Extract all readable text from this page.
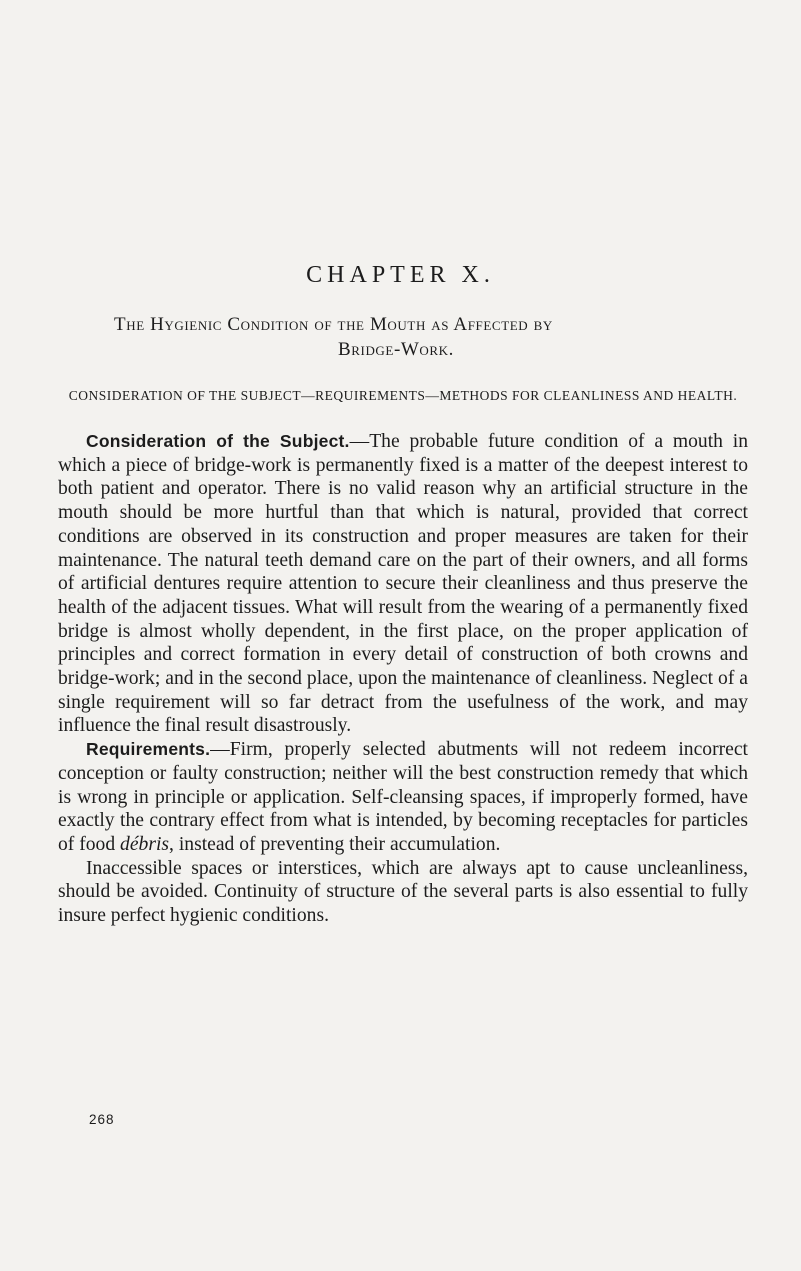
CHAPTER X.
The Hygienic Condition of the Mouth as Affected by
Bridge-Work.
CONSIDERATION OF THE SUBJECT—REQUIREMENTS—METHODS FOR CLEANLINESS AND HEALTH.

Consideration of the Subject.—The probable future condition of a mouth in which a piece of bridge-work is permanently fixed is a matter of the deepest interest to both patient and operator. There is no valid reason why an artificial structure in the mouth should be more hurtful than that which is natural, provided that correct conditions are observed in its construction and proper measures are taken for their maintenance. The natural teeth demand care on the part of their owners, and all forms of artificial dentures require attention to secure their cleanliness and thus preserve the health of the adjacent tissues. What will result from the wearing of a permanently fixed bridge is almost wholly dependent, in the first place, on the proper application of principles and correct formation in every detail of construction of both crowns and bridge-work; and in the second place, upon the maintenance of cleanliness. Neglect of a single requirement will so far detract from the usefulness of the work, and may influence the final result disastrously.

Requirements.—Firm, properly selected abutments will not redeem incorrect conception or faulty construction; neither will the best construction remedy that which is wrong in principle or application. Self-cleansing spaces, if improperly formed, have exactly the contrary effect from what is intended, by becoming receptacles for particles of food débris, instead of preventing their accumulation.

Inaccessible spaces or interstices, which are always apt to cause uncleanliness, should be avoided. Continuity of structure of the several parts is also essential to fully insure perfect hygienic conditions.

268
